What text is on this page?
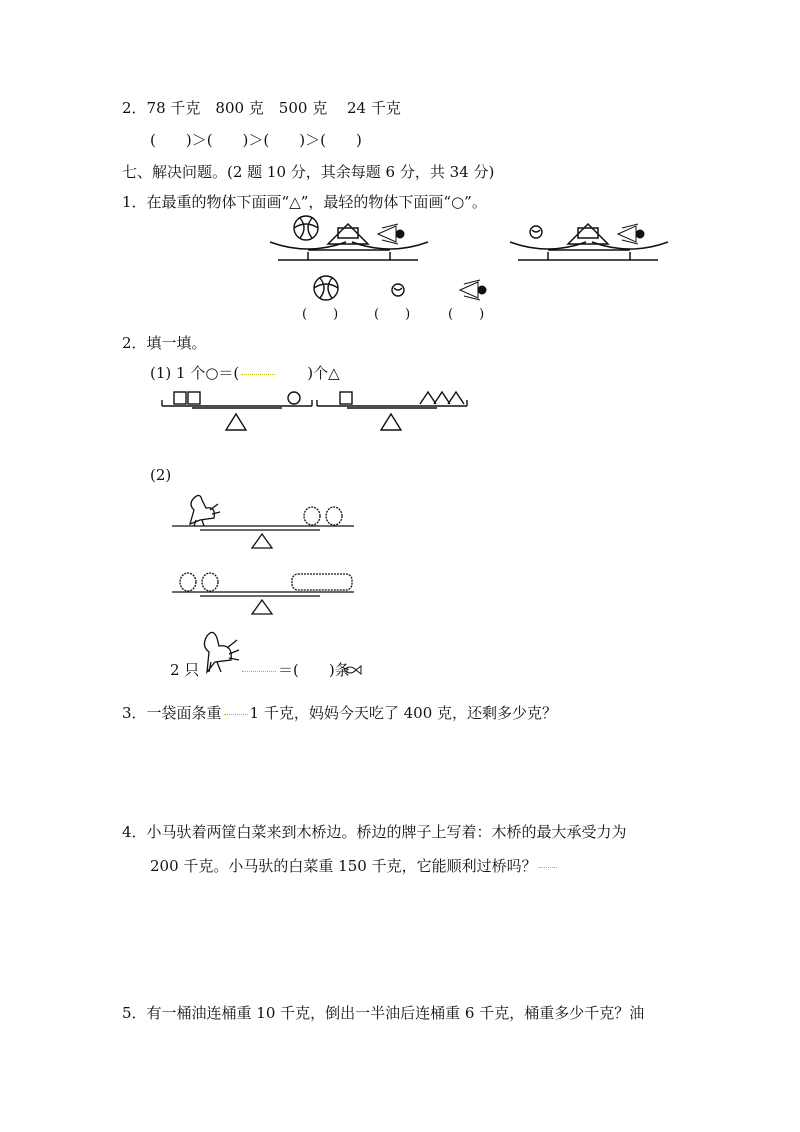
2．78 千克　800 克　500 克　 24 千克
(　　)＞(　　)＞(　　)＞(　　)
七、解决问题。(2 题 10 分，其余每题 6 分，共 34 分)
1．在最重的物体下面画“△”，最轻的物体下面画“○”。
(　　)	(　　)	(　　)
2．填一填。
(1) 1 个○＝(	)个△
(2)
2 只	＝(　　)条
3．一袋面条重 1 千克，妈妈今天吃了 400 克，还剩多少克？
4．小马驮着两筐白菜来到木桥边。桥边的牌子上写着：木桥的最大承受力为
200 千克。小马驮的白菜重 150 千克，它能顺利过桥吗？
5．有一桶油连桶重 10 千克，倒出一半油后连桶重 6 千克，桶重多少千克？油
